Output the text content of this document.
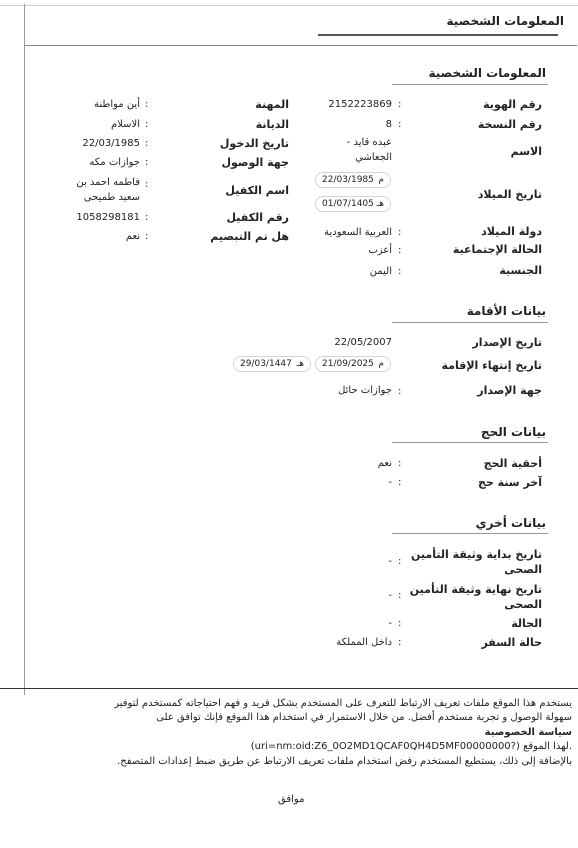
المعلومات الشخصية
المعلومات الشخصية
رقم الهوية
رقم النسخة
الاسم
تاريخ الميلاد
دولة الميلاد
الحالة الإجتماعية
الجنسية
:
:
:
:
:
2152223869
8
عبده قايد -
الجعاشي
العربية السعودية
أعزب
اليمن
م
22/03/1985
هـ
01/07/1405
المهنة
الديانة
تاريخ الدخول
جهة الوصول
اسم الكفيل
رقم الكفيل
هل تم التبصيم
:
:
:
:
:
:
:
أين مواطنة
الاسلام
22/03/1985
جوازات مكه
فاطمه احمد بن
سعيد طميحى
1058298181
نعم
بيانات الأقامة
تاريخ الإصدار
22/05/2007
تاريخ إنتهاء الإقامة
م
21/09/2025
هـ
29/03/1447
جهة الإصدار
:
جوازات حائل
بيانات الحج
أحقية الحج
:
نعم
آخر سنة حج
:
-
بيانات أخري
تاريخ بداية وثيقة التأمين
الصحى
:
-
تاريخ نهاية وثيقة التأمين
الصحى
:
-
الحالة
:
-
حالة السفر
:
داخل المملكة
يستخدم هذا الموقع ملفات تعريف الارتباط للتعرف على المستخدم بشكل فريد و فهم احتياجاته كمستخدم لتوفير
سهولة الوصول و تجربة مستخدم أفضل. من خلال الاستمرار في استخدام هذا الموقع فإنك توافق على
سياسة الخصوصية
(uri=nm:oid:Z6_0O2MD1QCAF0QH4D5MF00000000?) لهذا الموقع.
بالإضافة إلى ذلك، يستطيع المستخدم رفض استخدام ملفات تعريف الارتباط عن طريق ضبط إعدادات المتصفح.
موافق
